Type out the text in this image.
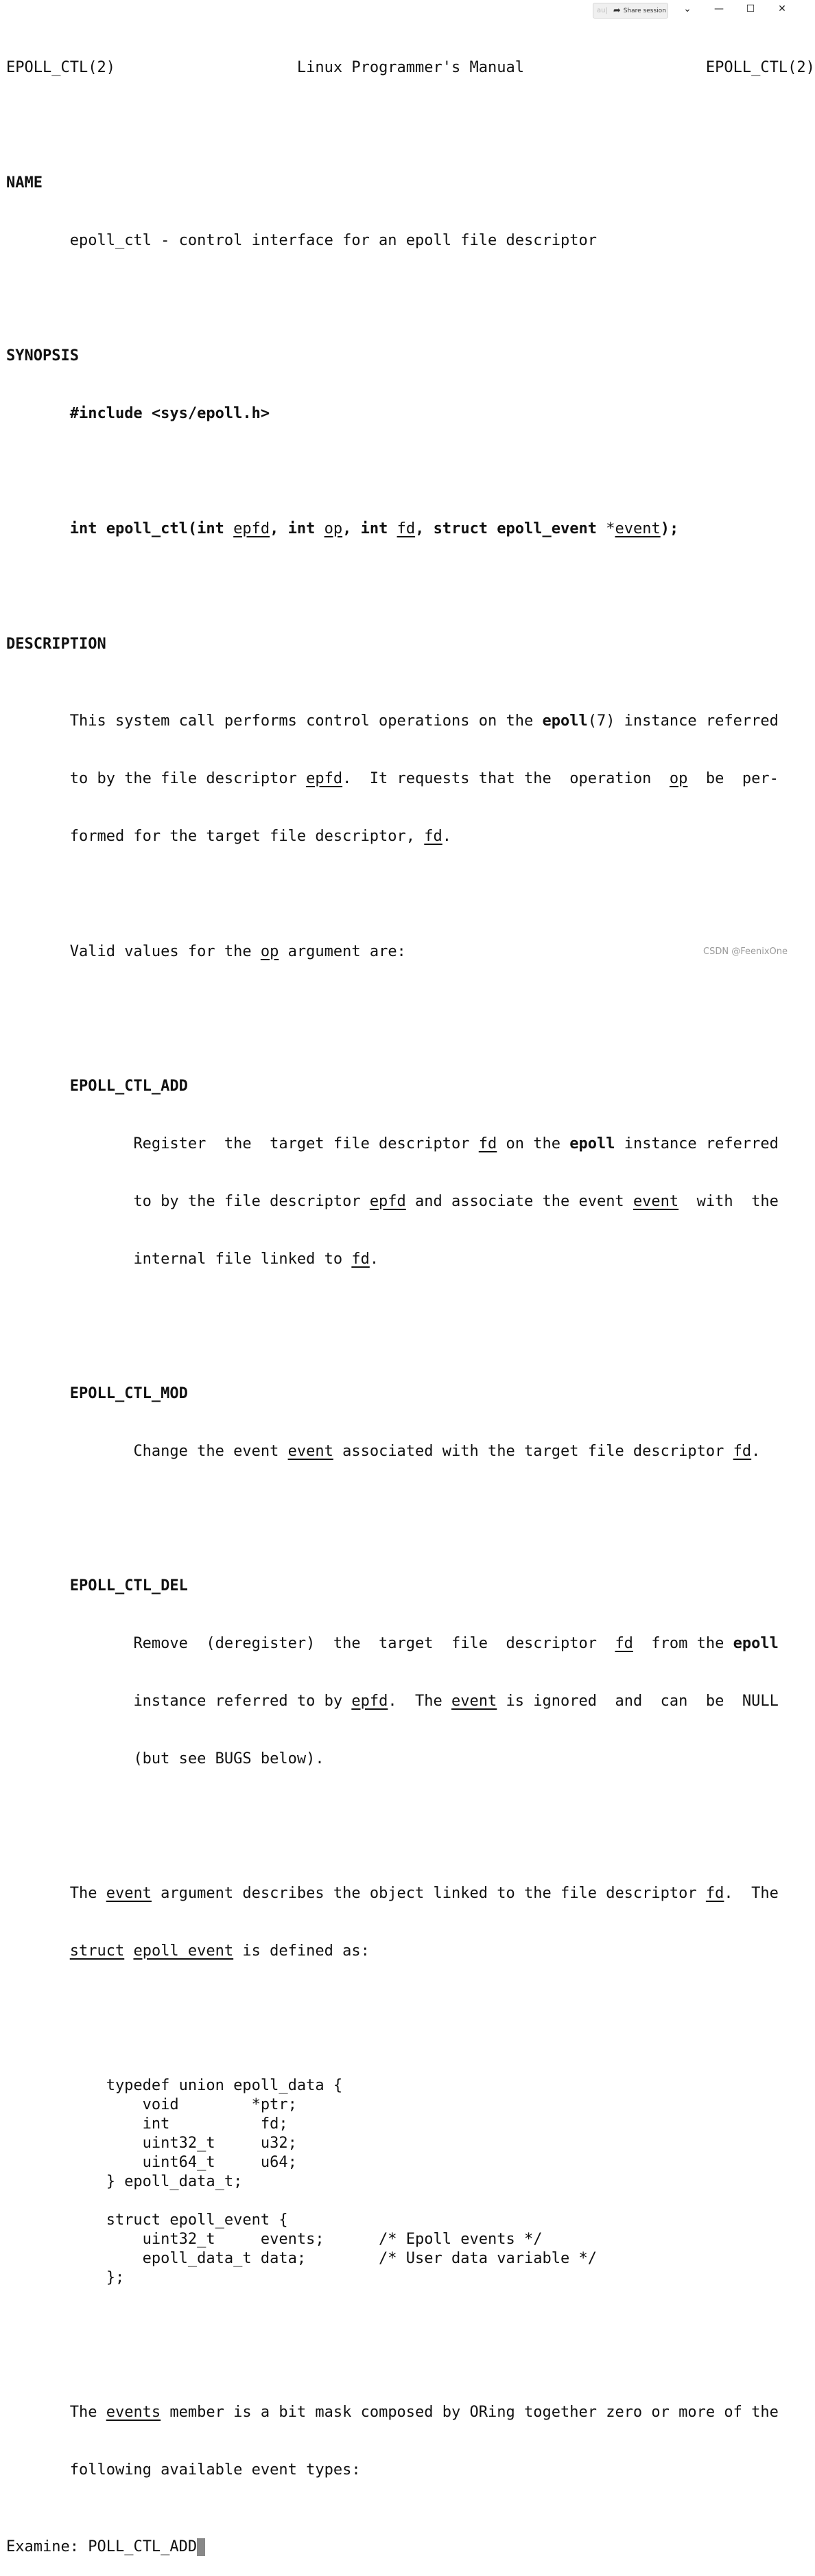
au| ➦ Share session	⌄	—	☐	✕

EPOLL_CTL(2)	Linux Programmer's Manual	EPOLL_CTL(2)

NAME

epoll_ctl - control interface for an epoll file descriptor

SYNOPSIS

#include <sys/epoll.h>

int epoll_ctl(int epfd, int op, int fd, struct epoll_event *event);

DESCRIPTION

This system call performs control operations on the epoll(7) instance referred

to by the file descriptor epfd.  It requests that the  operation  op  be  per‐

formed for the target file descriptor, fd.

Valid values for the op argument are:

EPOLL_CTL_ADD

Register  the  target file descriptor fd on the epoll instance referred

to by the file descriptor epfd and associate the event event  with  the

internal file linked to fd.

EPOLL_CTL_MOD

Change the event event associated with the target file descriptor fd.

EPOLL_CTL_DEL

Remove  (deregister)  the  target  file  descriptor  fd  from the epoll

instance referred to by epfd.  The event is ignored  and  can  be  NULL

(but see BUGS below).

The event argument describes the object linked to the file descriptor fd.  The

struct epoll_event is defined as:

typedef union epoll_data {
void        *ptr;
int          fd;
uint32_t     u32;
uint64_t     u64;
} epoll_data_t;

struct epoll_event {
uint32_t     events;      /* Epoll events */
epoll_data_t data;        /* User data variable */
};

The events member is a bit mask composed by ORing together zero or more of the

following available event types:

Examine: POLL_CTL_ADD

CSDN @FeenixOne
